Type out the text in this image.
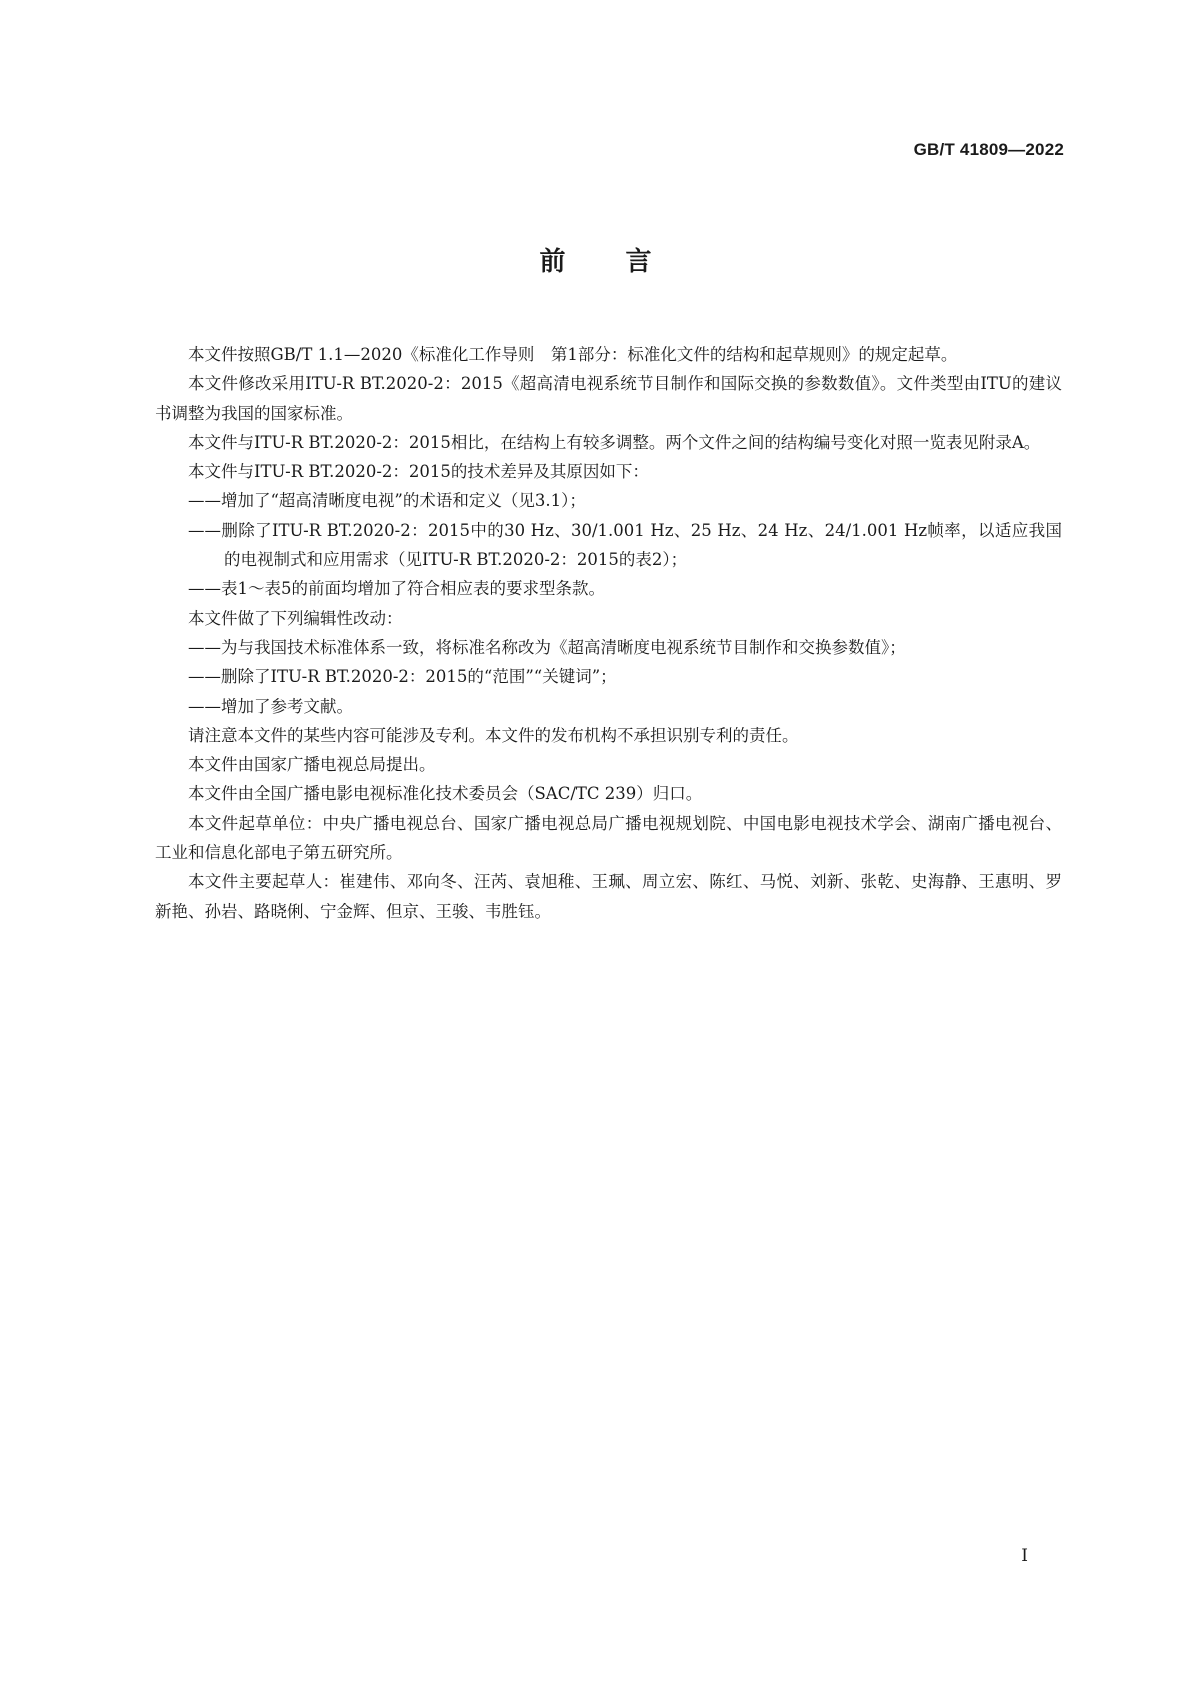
GB/T 41809—2022
前言

本文件按照GB/T 1.1—2020《标准化工作导则　第1部分：标准化文件的结构和起草规则》的规定起草。

本文件修改采用ITU-R BT.2020-2：2015《超高清电视系统节目制作和国际交换的参数数值》。文件类型由ITU的建议书调整为我国的国家标准。

本文件与ITU-R BT.2020-2：2015相比，在结构上有较多调整。两个文件之间的结构编号变化对照一览表见附录A。

本文件与ITU-R BT.2020-2：2015的技术差异及其原因如下：

——增加了“超高清晰度电视”的术语和定义（见3.1）；

——删除了ITU-R BT.2020-2：2015中的30 Hz、30/1.001 Hz、25 Hz、24 Hz、24/1.001 Hz帧率，以适应我国的电视制式和应用需求（见ITU-R BT.2020-2：2015的表2）；

——表1～表5的前面均增加了符合相应表的要求型条款。

本文件做了下列编辑性改动：

——为与我国技术标准体系一致，将标准名称改为《超高清晰度电视系统节目制作和交换参数值》；

——删除了ITU-R BT.2020-2：2015的“范围”“关键词”；

——增加了参考文献。

请注意本文件的某些内容可能涉及专利。本文件的发布机构不承担识别专利的责任。

本文件由国家广播电视总局提出。

本文件由全国广播电影电视标准化技术委员会（SAC/TC 239）归口。

本文件起草单位：中央广播电视总台、国家广播电视总局广播电视规划院、中国电影电视技术学会、湖南广播电视台、工业和信息化部电子第五研究所。

本文件主要起草人：崔建伟、邓向冬、汪芮、袁旭稚、王珮、周立宏、陈红、马悦、刘新、张乾、史海静、王惠明、罗新艳、孙岩、路晓俐、宁金辉、但京、王骏、韦胜钰。

I
